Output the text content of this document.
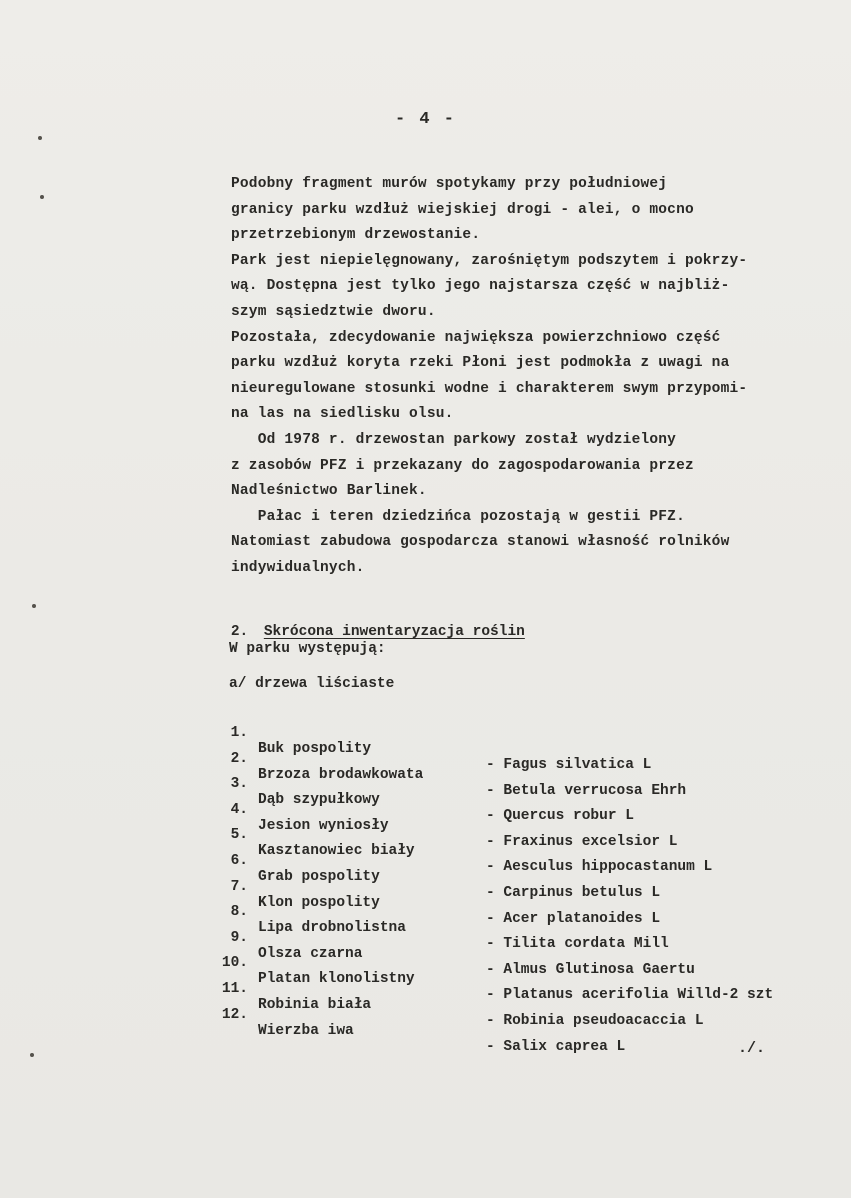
- 4 -
Podobny fragment murów spotykamy przy południowej
granicy parku wzdłuż wiejskiej drogi - alei, o mocno
przetrzebionym drzewostanie.
Park jest niepielęgnowany, zarośniętym podszytem i pokrzy-
wą. Dostępna jest tylko jego najstarsza część w najbliż-
szym sąsiedztwie dworu.
Pozostała, zdecydowanie największa powierzchniowo część
parku wzdłuż koryta rzeki Płoni jest podmokła z uwagi na
nieuregulowane stosunki wodne i charakterem swym przypomi-
na las na siedlisku olsu.
Od 1978 r. drzewostan parkowy został wydzielony
z zasobów PFZ i przekazany do zagospodarowania przez
Nadleśnictwo Barlinek.
Pałac i teren dziedzińca pozostają w gestii PFZ.
Natomiast zabudowa gospodarcza stanowi własność rolników
indywidualnych.

2. Skrócona inwentaryzacja roślin

W parku występują:
a/ drzewa liściaste

1.

Buk pospolity

- Fagus silvatica L

2.

Brzoza brodawkowata

- Betula verrucosa Ehrh

3.

Dąb szypułkowy

- Quercus robur L

4.

Jesion wyniosły

- Fraxinus excelsior L

5.

Kasztanowiec biały

- Aesculus hippocastanum L

6.

Grab pospolity

- Carpinus betulus L

7.

Klon pospolity

- Acer platanoides L

8.

Lipa drobnolistna

- Tilita cordata Mill

9.

Olsza czarna

- Almus Glutinosa Gaertu

10.

Platan klonolistny

- Platanus acerifolia Willd-2 szt

11.

Robinia biała

- Robinia pseudoacaccia L

12.

Wierzba iwa

- Salix caprea L

	./.
